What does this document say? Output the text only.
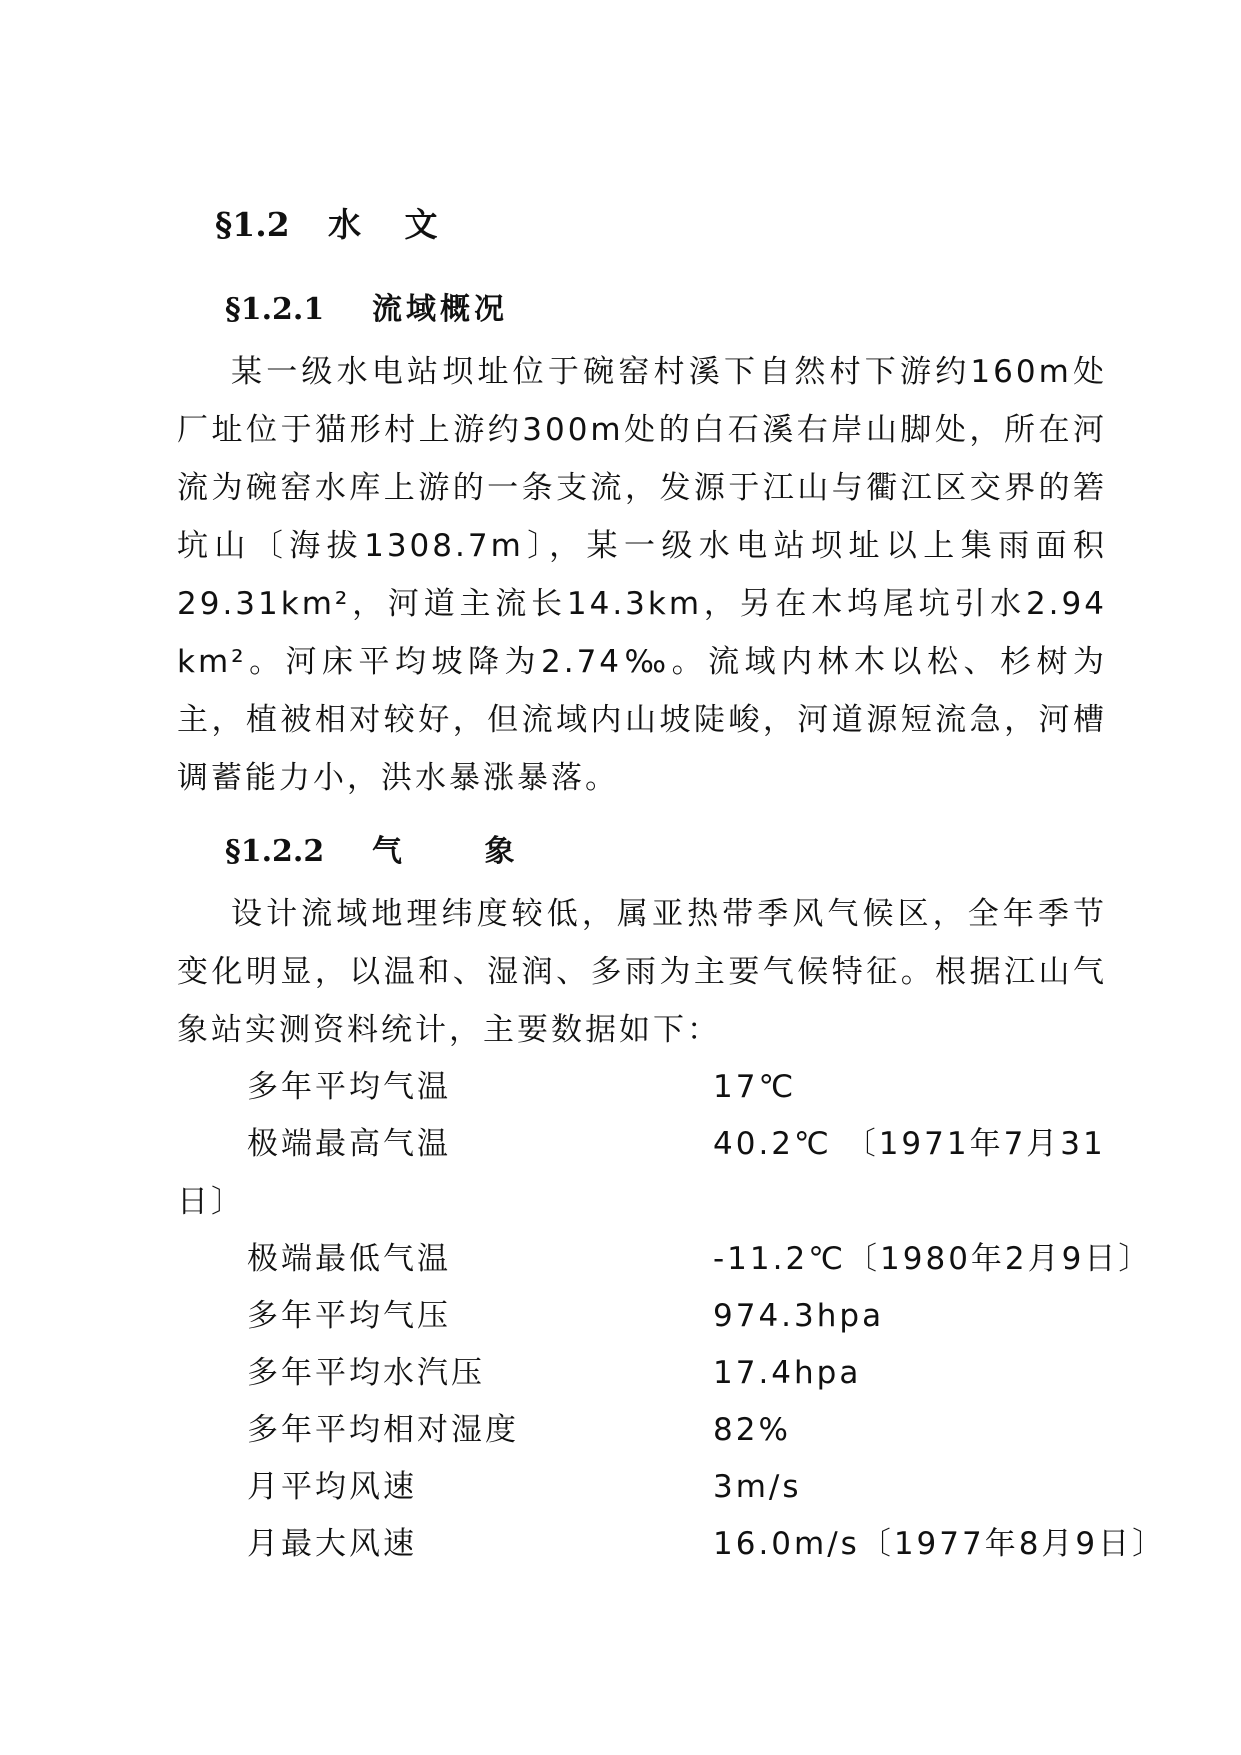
§1.2 水 文
§1.2.1 流域概况

某一级水电站坝址位于碗窑村溪下自然村下游约160m处厂址位于猫形村上游约300m处的白石溪右岸山脚处，所在河流为碗窑水库上游的一条支流，发源于江山与衢江区交界的箬坑山〔海拔1308.7m〕，某一级水电站坝址以上集雨面积29.31km²，河道主流长14.3km，另在木坞尾坑引水2.94 km²。河床平均坡降为2.74‰。流域内林木以松、杉树为主，植被相对较好，但流域内山坡陡峻，河道源短流急，河槽调蓄能力小，洪水暴涨暴落。

§1.2.2 气 象

设计流域地理纬度较低，属亚热带季风气候区，全年季节变化明显，以温和、湿润、多雨为主要气候特征。根据江山气象站实测资料统计，主要数据如下：

多年平均气温	17℃
极端最高气温	40.2℃ 〔1971年7月31
日〕
极端最低气温	-11.2℃〔1980年2月9日〕
多年平均气压	974.3hpa
多年平均水汽压	17.4hpa
多年平均相对湿度	82%
月平均风速	3m/s
月最大风速	16.0m/s〔1977年8月9日〕
